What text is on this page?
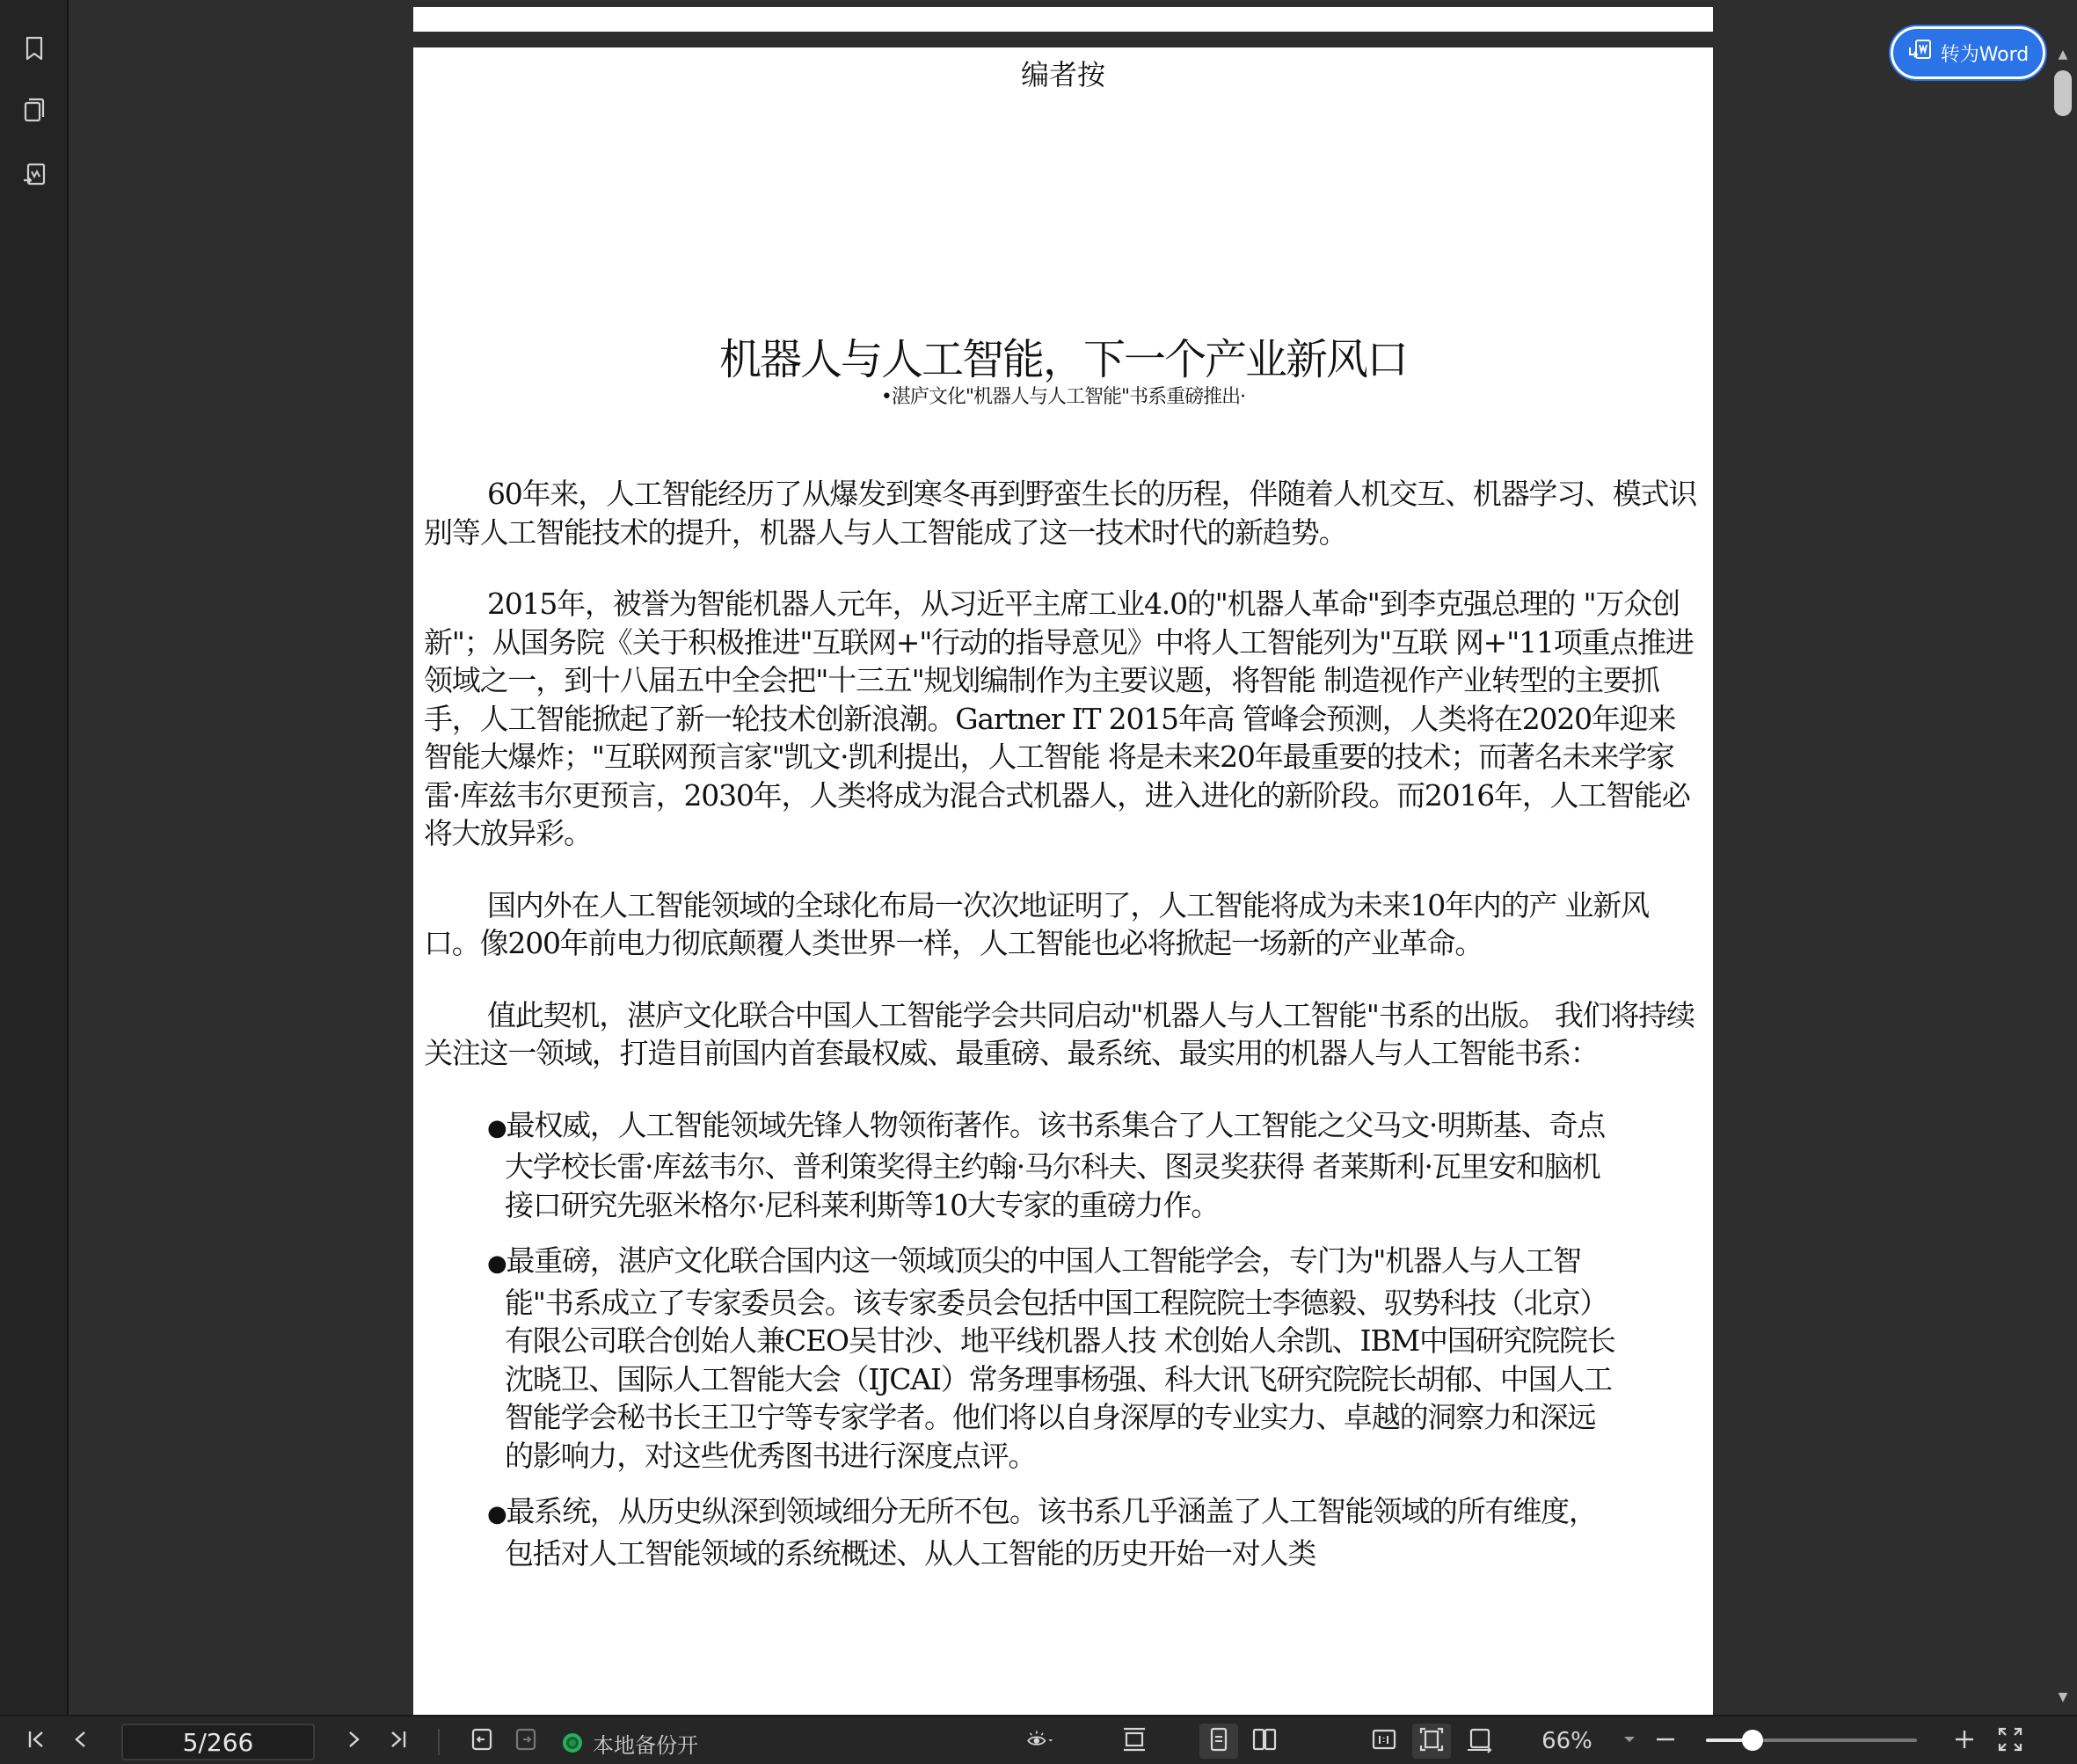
编者按
机器人与人工智能，下一个产业新风口
•湛庐文化"机器人与人工智能"书系重磅推出·

60年来，人工智能经历了从爆发到寒冬再到野蛮生长的历程，伴随着人机交互、机器学习、模式识别等人工智能技术的提升，机器人与人工智能成了这一技术时代的新趋势。

2015年，被誉为智能机器人元年，从习近平主席工业4.0的"机器人革命"到李克强总理的 "万众创新"；从国务院《关于积极推进"互联网+"行动的指导意见》中将人工智能列为"互联 网+"11项重点推进领域之一，到十八届五中全会把"十三五"规划编制作为主要议题，将智能 制造视作产业转型的主要抓手，人工智能掀起了新一轮技术创新浪潮。Gartner IT 2015年高 管峰会预测，人类将在2020年迎来智能大爆炸；"互联网预言家"凯文·凯利提出，人工智能 将是未来20年最重要的技术；而著名未来学家雷·库兹韦尔更预言，2030年，人类将成为混合式机器人，进入进化的新阶段。而2016年，人工智能必将大放异彩。

国内外在人工智能领域的全球化布局一次次地证明了，人工智能将成为未来10年内的产 业新风口。像200年前电力彻底颠覆人类世界一样，人工智能也必将掀起一场新的产业革命。

值此契机，湛庐文化联合中国人工智能学会共同启动"机器人与人工智能"书系的出版。 我们将持续关注这一领域，打造目前国内首套最权威、最重磅、最系统、最实用的机器人与人工智能书系：

●最权威，人工智能领域先锋人物领衔著作。该书系集合了人工智能之父马文·明斯基、奇点大学校长雷·库兹韦尔、普利策奖得主约翰·马尔科夫、图灵奖获得 者莱斯利·瓦里安和脑机接口研究先驱米格尔·尼科莱利斯等10大专家的重磅力作。
●最重磅，湛庐文化联合国内这一领域顶尖的中国人工智能学会，专门为"机器人与人工智能"书系成立了专家委员会。该专家委员会包括中国工程院院士李德毅、驭势科技（北京）有限公司联合创始人兼CEO吴甘沙、地平线机器人技 术创始人余凯、IBM中国研究院院长沈晓卫、国际人工智能大会（IJCAI）常务理事杨强、科大讯飞研究院院长胡郁、中国人工智能学会秘书长王卫宁等专家学者。他们将以自身深厚的专业实力、卓越的洞察力和深远的影响力，对这些优秀图书进行深度点评。
●最系统，从历史纵深到领域细分无所不包。该书系几乎涵盖了人工智能领域的所有维度，包括对人工智能领域的系统概述、从人工智能的历史开始一对人类
转为Word ▲
▼
5/266
本地备份开	66%
